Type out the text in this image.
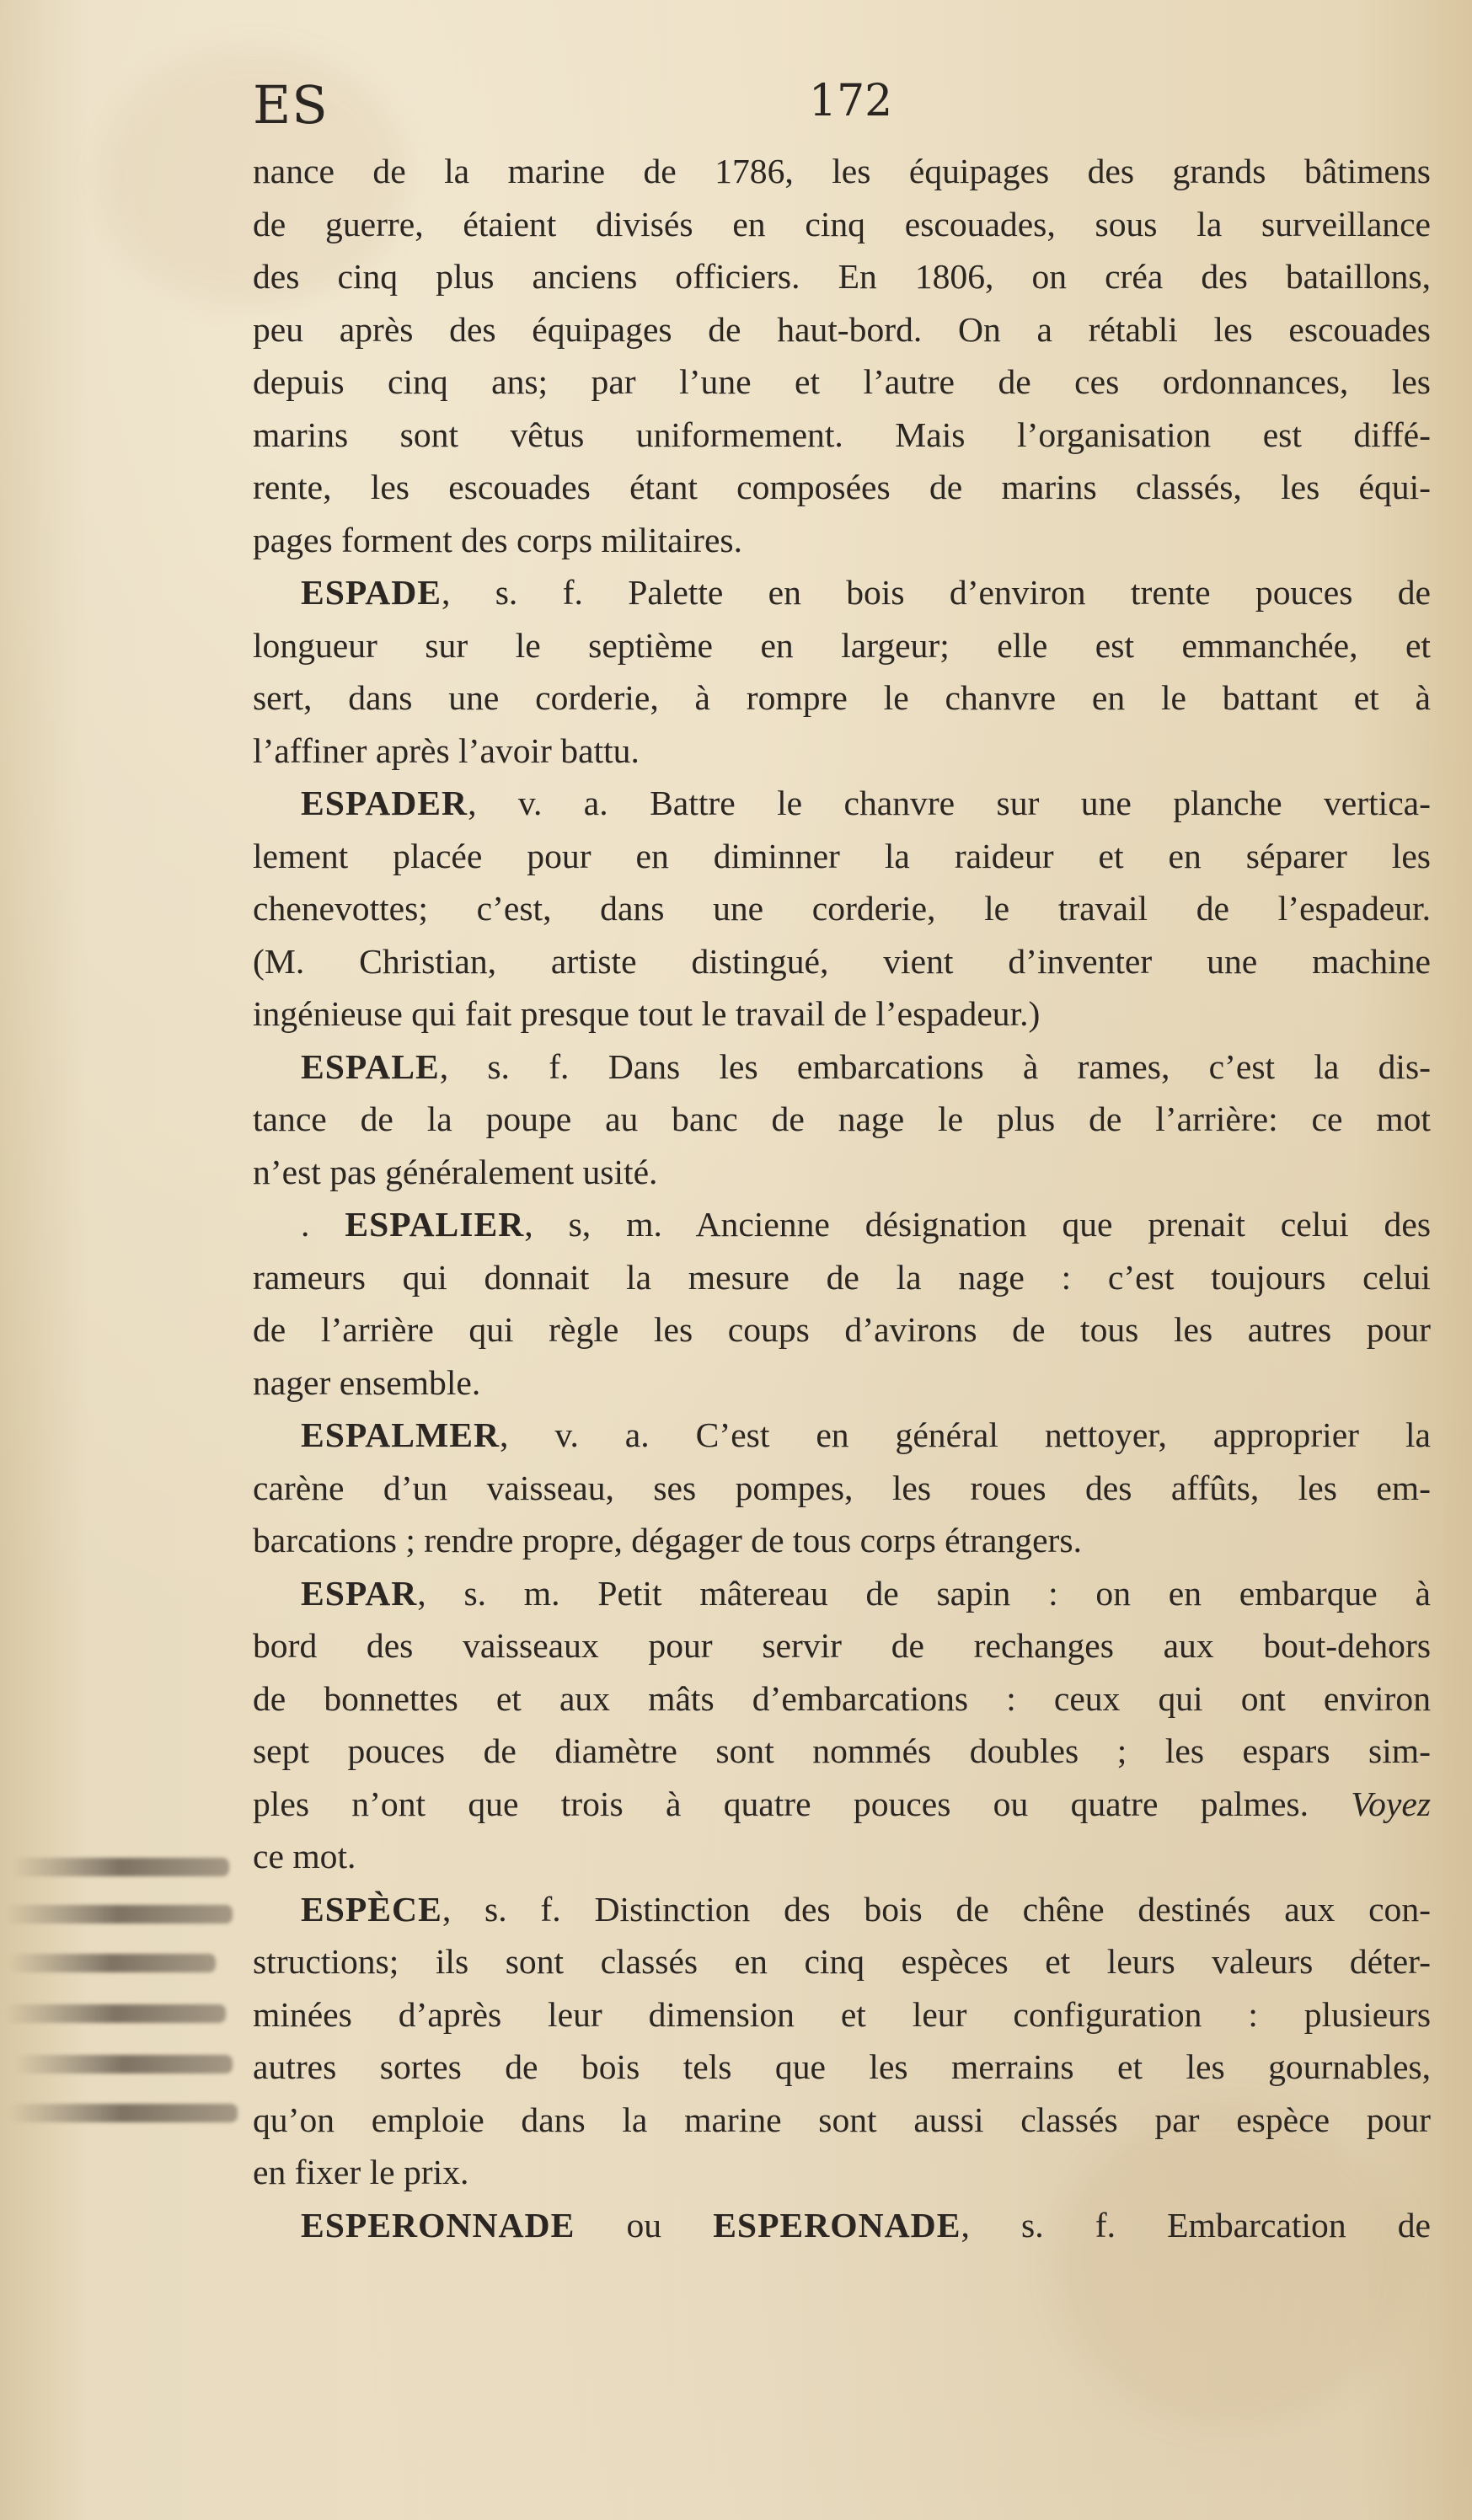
ES	172
nance de la marine de 1786, les équipages des grands bâtimens
de guerre, étaient divisés en cinq escouades, sous la surveillance
des cinq plus anciens officiers. En 1806, on créa des bataillons,
peu après des équipages de haut-bord. On a rétabli les escouades
depuis cinq ans; par l’une et l’autre de ces ordonnances, les
marins sont vêtus uniformement. Mais l’organisation est diffé-
rente, les escouades étant composées de marins classés, les équi-
pages forment des corps militaires.
ESPADE, s. f. Palette en bois d’environ trente pouces de
longueur sur le septième en largeur; elle est emmanchée, et
sert, dans une corderie, à rompre le chanvre en le battant et à
l’affiner après l’avoir battu.
ESPADER, v. a. Battre le chanvre sur une planche vertica-
lement placée pour en diminner la raideur et en séparer les
chenevottes; c’est, dans une corderie, le travail de l’espadeur.
(M. Christian, artiste distingué, vient d’inventer une machine
ingénieuse qui fait presque tout le travail de l’espadeur.)
ESPALE, s. f. Dans les embarcations à rames, c’est la dis-
tance de la poupe au banc de nage le plus de l’arrière: ce mot
n’est pas généralement usité.
. ESPALIER, s, m. Ancienne désignation que prenait celui des
rameurs qui donnait la mesure de la nage : c’est toujours celui
de l’arrière qui règle les coups d’avirons de tous les autres pour
nager ensemble.
ESPALMER, v. a. C’est en général nettoyer, approprier la
carène d’un vaisseau, ses pompes, les roues des affûts, les em-
barcations ; rendre propre, dégager de tous corps étrangers.
ESPAR, s. m. Petit mâtereau de sapin : on en embarque à
bord des vaisseaux pour servir de rechanges aux bout-dehors
de bonnettes et aux mâts d’embarcations : ceux qui ont environ
sept pouces de diamètre sont nommés doubles ; les espars sim-
ples n’ont que trois à quatre pouces ou quatre palmes. Voyez
ce mot.
ESPÈCE, s. f. Distinction des bois de chêne destinés aux con-
structions; ils sont classés en cinq espèces et leurs valeurs déter-
minées d’après leur dimension et leur configuration : plusieurs
autres sortes de bois tels que les merrains et les gournables,
qu’on emploie dans la marine sont aussi classés par espèce pour
en fixer le prix.
ESPERONNADE ou ESPERONADE, s. f. Embarcation de
